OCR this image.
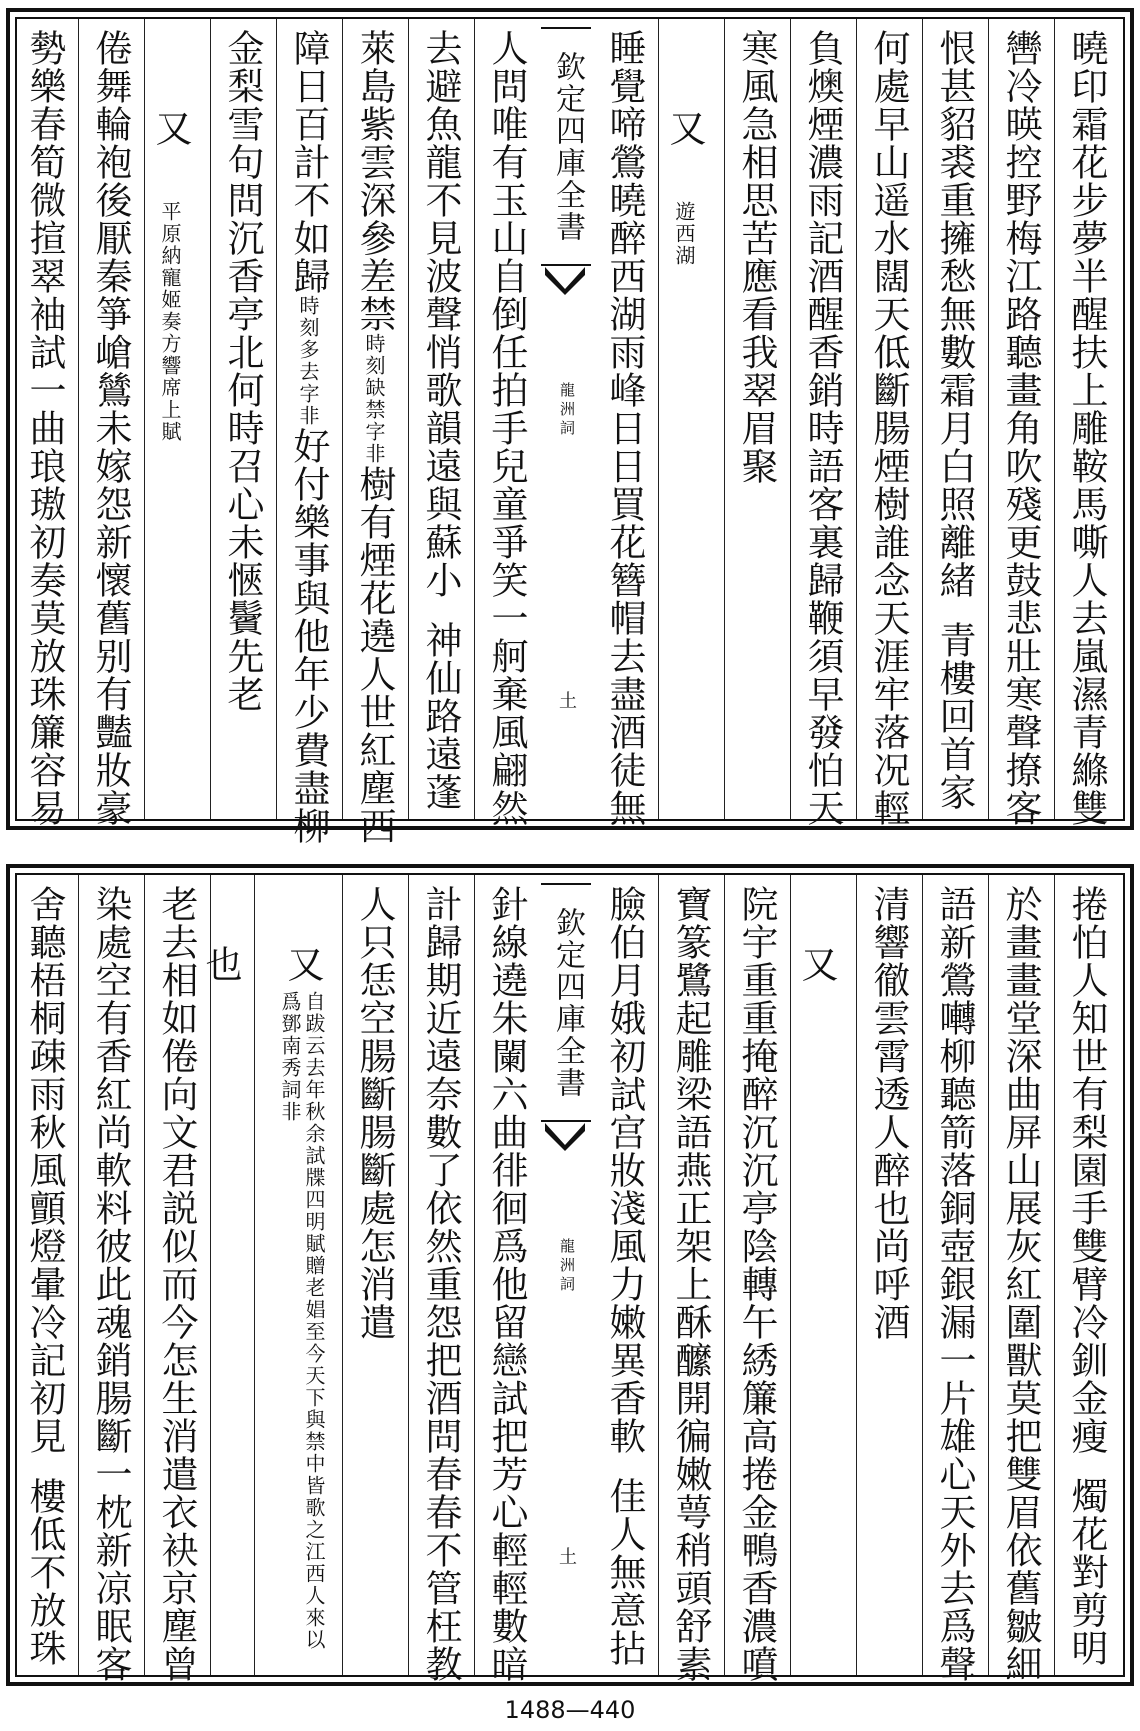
曉印霜花步夢半醒扶上雕鞍馬嘶人去嵐濕青縧雙
轡冷暎控野梅江路聽畫角吹殘更鼓悲壯寒聲撩客
恨甚貂裘重擁愁無數霜月白照離緒青樓回首家
何處早山遥水闊天低斷腸煙樹誰念天涯牢落况輕
負燠煙濃雨記酒醒香銷時語客裏歸鞭須早發怕天
寒風急相思苦應看我翠眉聚
又 遊西湖
睡覺啼鶯曉醉西湖雨峰日日買花簪帽去盡酒徒無
欽定四庫全書
龍洲詞
土
人問唯有玉山自倒任拍手兒童爭笑一舸棄風翩然
去避魚龍不見波聲悄歌韻遠與蘇小神仙路遠蓬
萊島紫雲深參差禁時刻缺禁字非樹有煙花遶人世紅塵西
障日百計不如歸時刻多去字非好付樂事與他年少費盡柳
金梨雪句問沉香亭北何時召心未愜鬢先老
又 平原納寵姬奏方響席上賦
倦舞輪袍後厭秦箏嵢鷥未嫁怨新懷舊别有豔妝豪
勢樂春筍微揎翠袖試一曲琅璈初奏莫放珠簾容易
捲怕人知世有梨園手雙臂冷釧金瘦燭花對剪明
於畫畫堂深曲屏山展灰紅圍獸莫把雙眉依舊皺細
語新鶯囀柳聽箭落銅壺銀漏一片雄心天外去爲聲
清響徹雲霄透人醉也尚呼酒
又
院宇重重掩醉沉沉亭陰轉午綉簾高捲金鴨香濃噴
寶篆鷺起雕梁語燕正架上酥醿開徧嫩萼稍頭舒素
臉伯月娥初試宫妝淺風力嫩異香軟佳人無意拈
欽定四庫全書
龍洲詞
土
針線遶朱闌六曲徘徊爲他留戀試把芳心輕輕數暗
計歸期近遠奈數了依然重怨把酒問春春不管枉教
人只恁空腸斷腸斷處怎消遣
又自跋云去年秋余試牒四明賦贈老娼至今天下與禁中皆歌之江西人來以爲鄧南秀詞非
也
老去相如倦向文君説似而今怎生消遣衣袂京塵曾
染處空有香紅尚軟料彼此魂銷腸斷一枕新凉眠客
舍聽梧桐疎雨秋風顫燈暈冷記初見樓低不放珠
1488—440
